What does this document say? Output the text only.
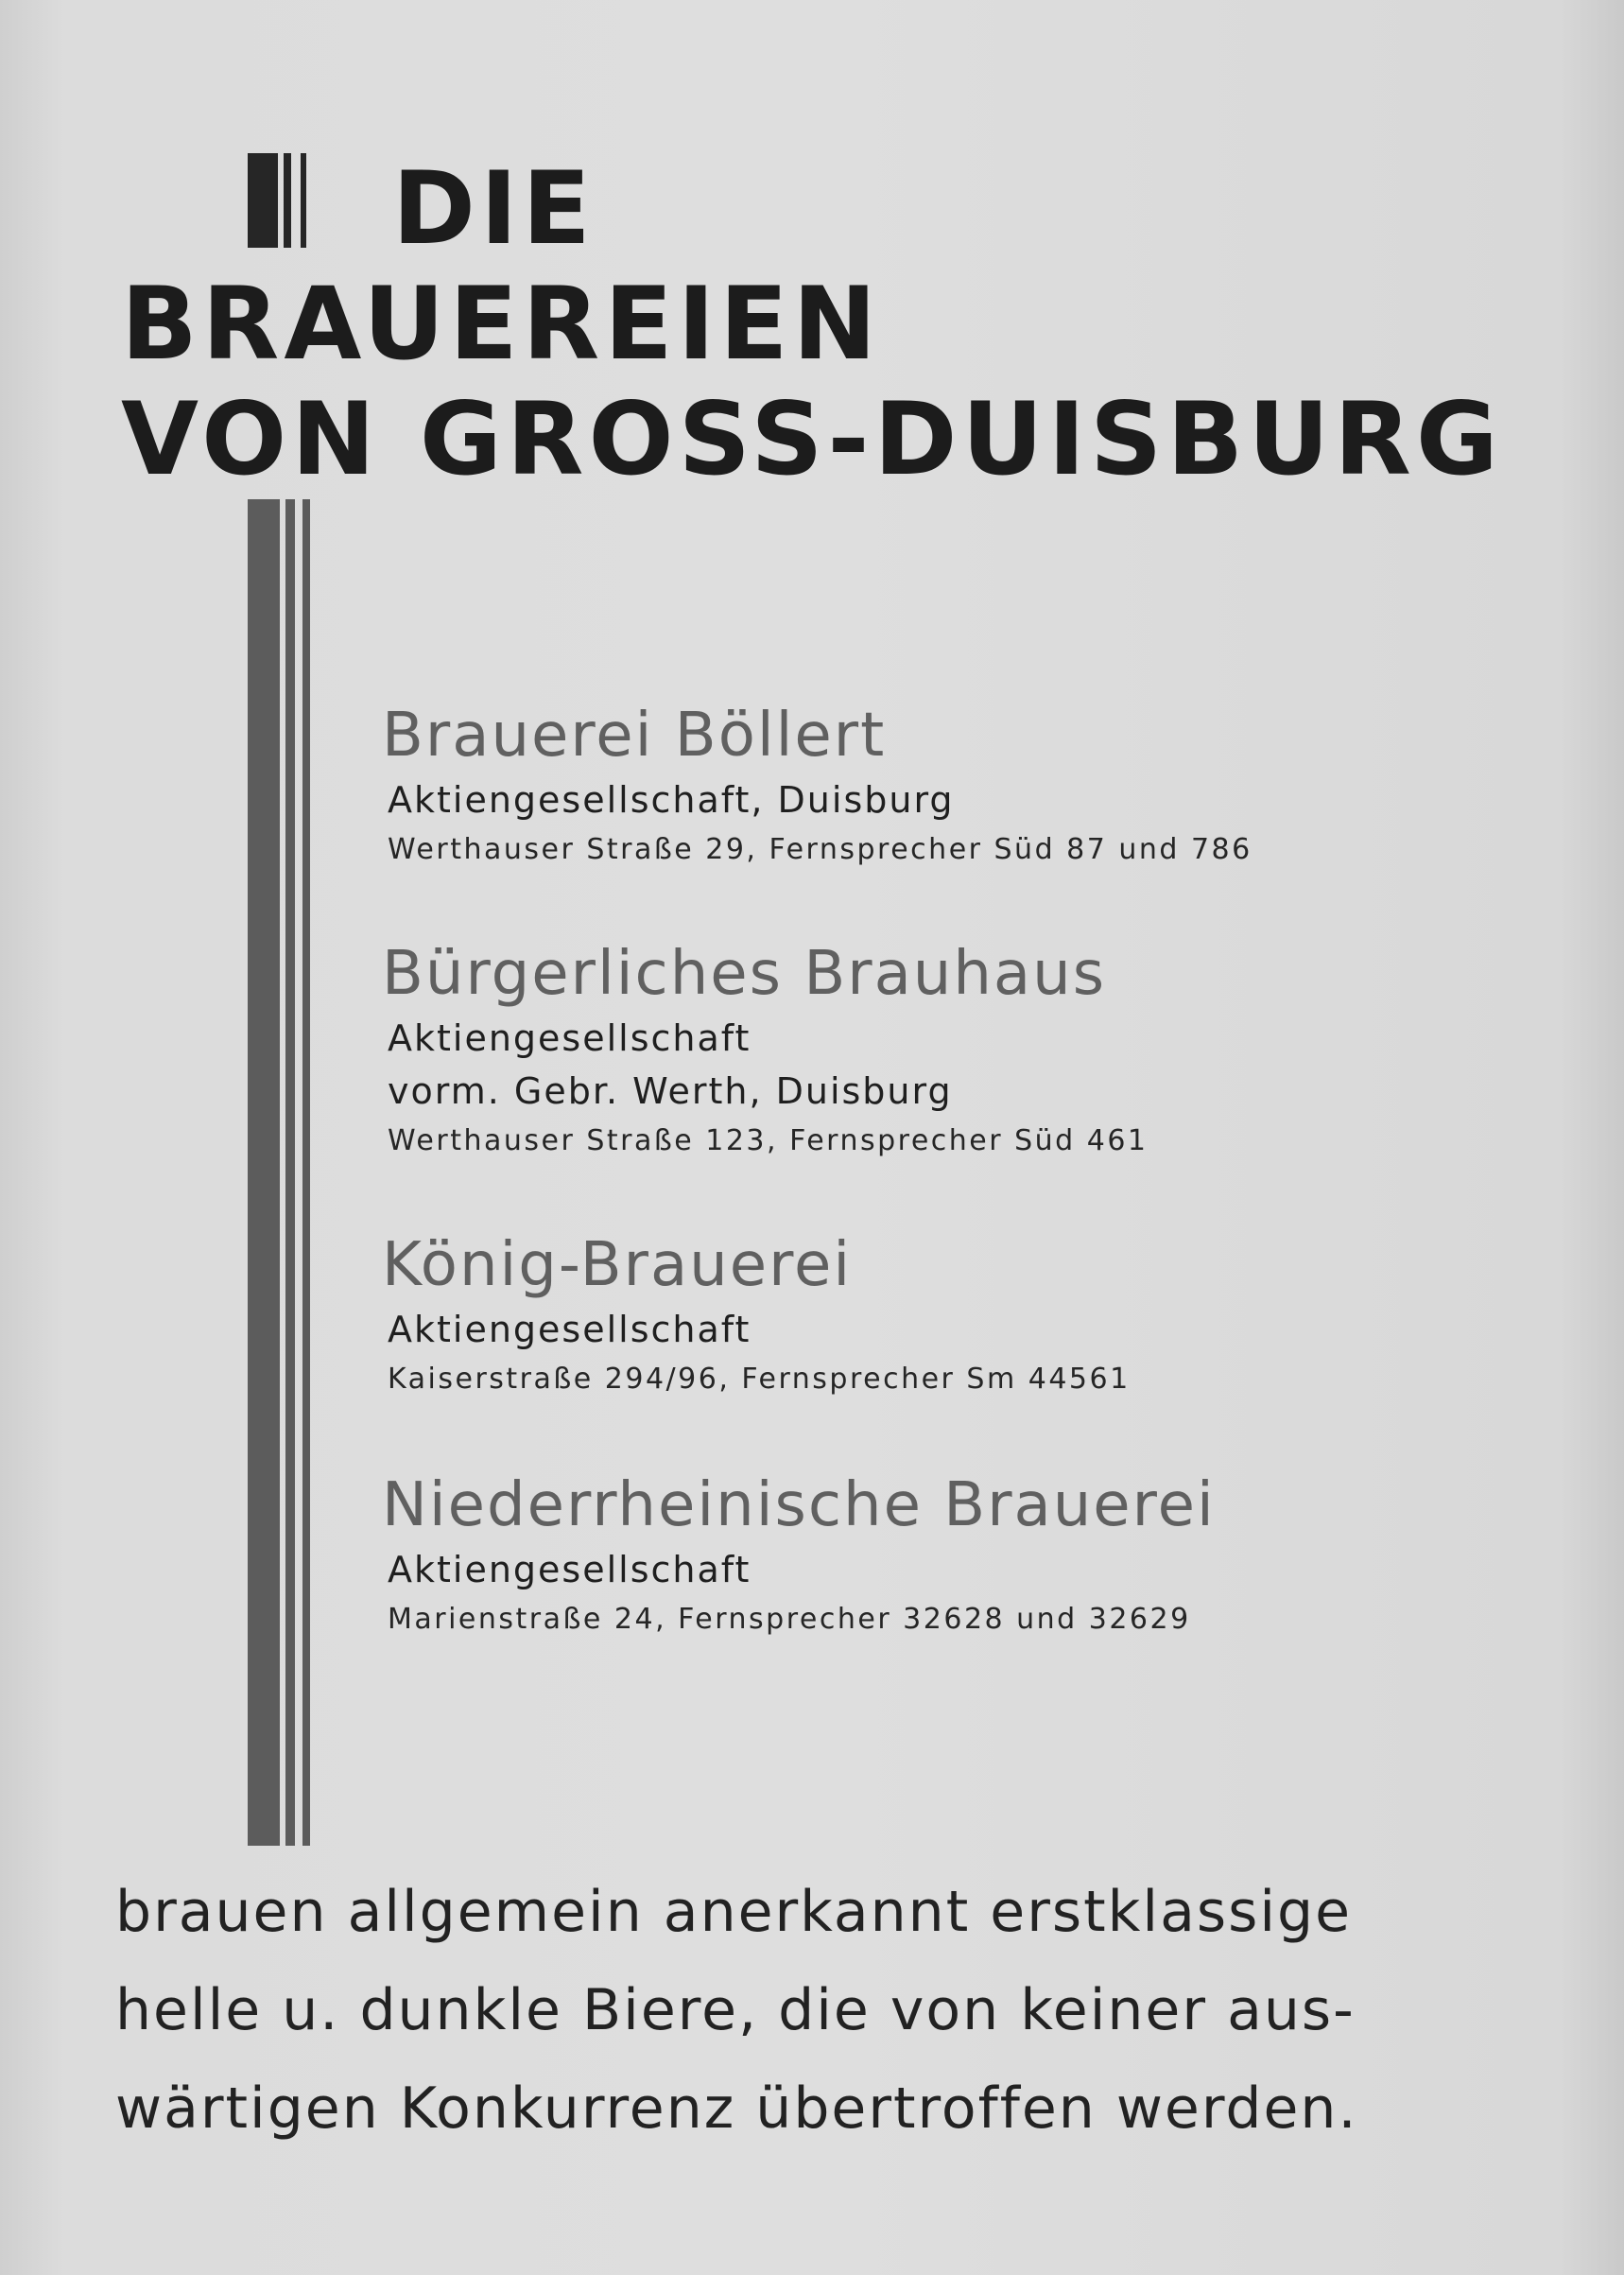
DIE
BRAUEREIEN
VON GROSS-DUISBURG
Brauerei Böllert
Aktiengesellschaft, Duisburg
Werthauser Straße 29, Fernsprecher Süd 87 und 786
Bürgerliches Brauhaus
Aktiengesellschaft
vorm. Gebr. Werth, Duisburg
Werthauser Straße 123, Fernsprecher Süd 461
König-Brauerei
Aktiengesellschaft
Kaiserstraße 294/96, Fernsprecher Sm 44561
Niederrheinische Brauerei
Aktiengesellschaft
Marienstraße 24, Fernsprecher 32628 und 32629

brauen allgemein anerkannt erstklassige
helle u. dunkle Biere, die von keiner aus-
wärtigen Konkurrenz übertroffen werden.
